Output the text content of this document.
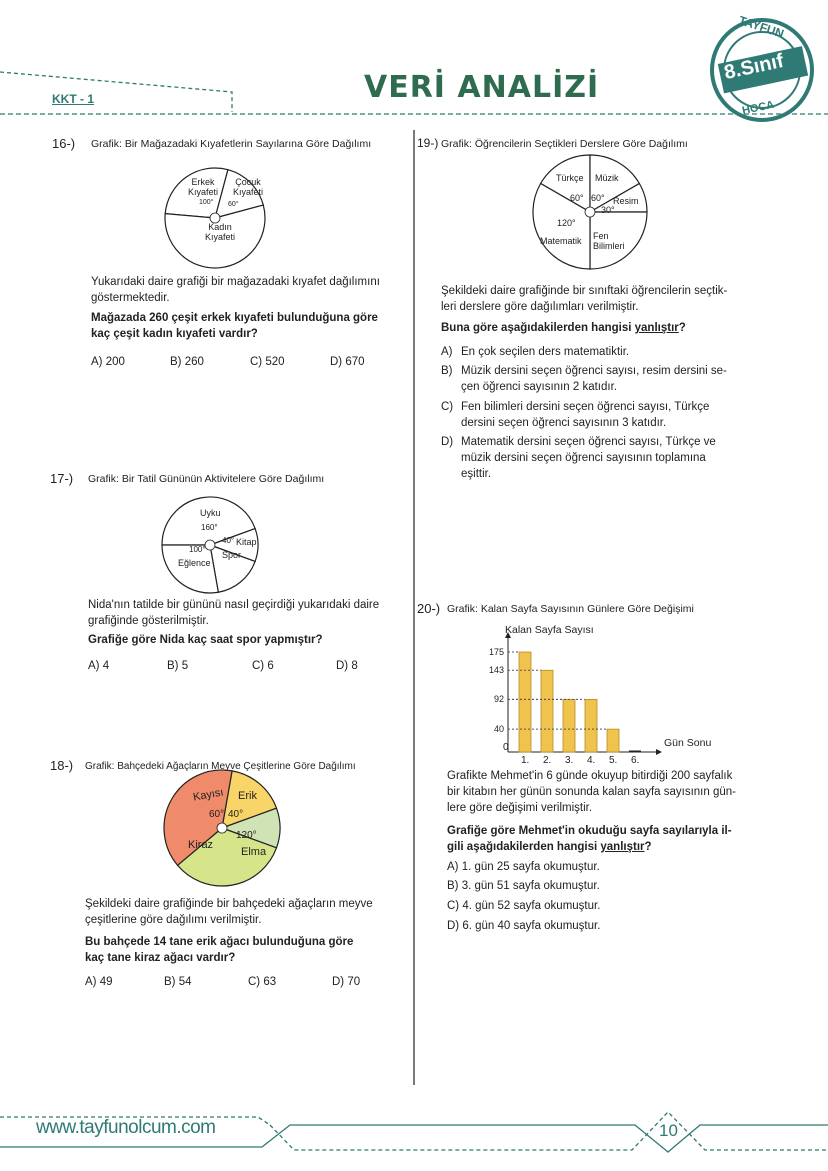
KKT - 1	VERİ ANALİZİ
TAYFUN
8.Sınıf
HOCA
16-) Grafik: Bir Mağazadaki Kıyafetlerin Sayılarına Göre Dağılımı
Erkek Kıyafeti
Çocuk Kıyafeti
100° 60°
Kadın Kıyafeti
Yukarıdaki daire grafiği bir mağazadaki kıyafet dağılımını
göstermektedir.
Mağazada 260 çeşit erkek kıyafeti bulunduğuna göre
kaç çeşit kadın kıyafeti vardır?
A) 200	B) 260	C) 520	D) 670
17-) Grafik: Bir Tatil Gününün Aktivitelere Göre Dağılımı
Uyku
160°
40° Kitap
Spor
100°
Eğlence
Nida'nın tatilde bir gününü nasıl geçirdiği yukarıdaki daire
grafiğinde gösterilmiştir.
Grafiğe göre Nida kaç saat spor yapmıştır?
A) 4	B) 5	C) 6	D) 8
18-) Grafik: Bahçedeki Ağaçların Meyve Çeşitlerine Göre Dağılımı
Kayısı Erik
60° 40°
120°
Elma
Kiraz
Şekildeki daire grafiğinde bir bahçedeki ağaçların meyve
çeşitlerine göre dağılımı verilmiştir.
Bu bahçede 14 tane erik ağacı bulunduğuna göre
kaç tane kiraz ağacı vardır?
A) 49	B) 54	C) 63	D) 70
19-) Grafik: Öğrencilerin Seçtikleri Derslere Göre Dağılımı
Türkçe Müzik
60° 60° Resim
30°
120°
Matematik Fen Bilimleri
Şekildeki daire grafiğinde bir sınıftaki öğrencilerin seçtik-
leri derslere göre dağılımları verilmiştir.
Buna göre aşağıdakilerden hangisi yanlıştır?
A) En çok seçilen ders matematiktir.
B) Müzik dersini seçen öğrenci sayısı, resim dersini se-
çen öğrenci sayısının 2 katıdır.
C) Fen bilimleri dersini seçen öğrenci sayısı, Türkçe
dersini seçen öğrenci sayısının 3 katıdır.
D) Matematik dersini seçen öğrenci sayısı, Türkçe ve
müzik dersini seçen öğrenci sayısının toplamına
eşittir.
20-) Grafik: Kalan Sayfa Sayısının Günlere Göre Değişimi
Kalan Sayfa Sayısı
Gün Sonu
0
175
143
92
40
1. 2. 3. 4. 5. 6.
Grafikte Mehmet'in 6 günde okuyup bitirdiği 200 sayfalık
bir kitabın her günün sonunda kalan sayfa sayısının gün-
lere göre değişimi verilmiştir.
Grafiğe göre Mehmet'in okuduğu sayfa sayılarıyla il-
gili aşağıdakilerden hangisi yanlıştır?
A) 1. gün 25 sayfa okumuştur.
B) 3. gün 51 sayfa okumuştur.
C) 4. gün 52 sayfa okumuştur.
D) 6. gün 40 sayfa okumuştur.
www.tayfunolcum.com	10
